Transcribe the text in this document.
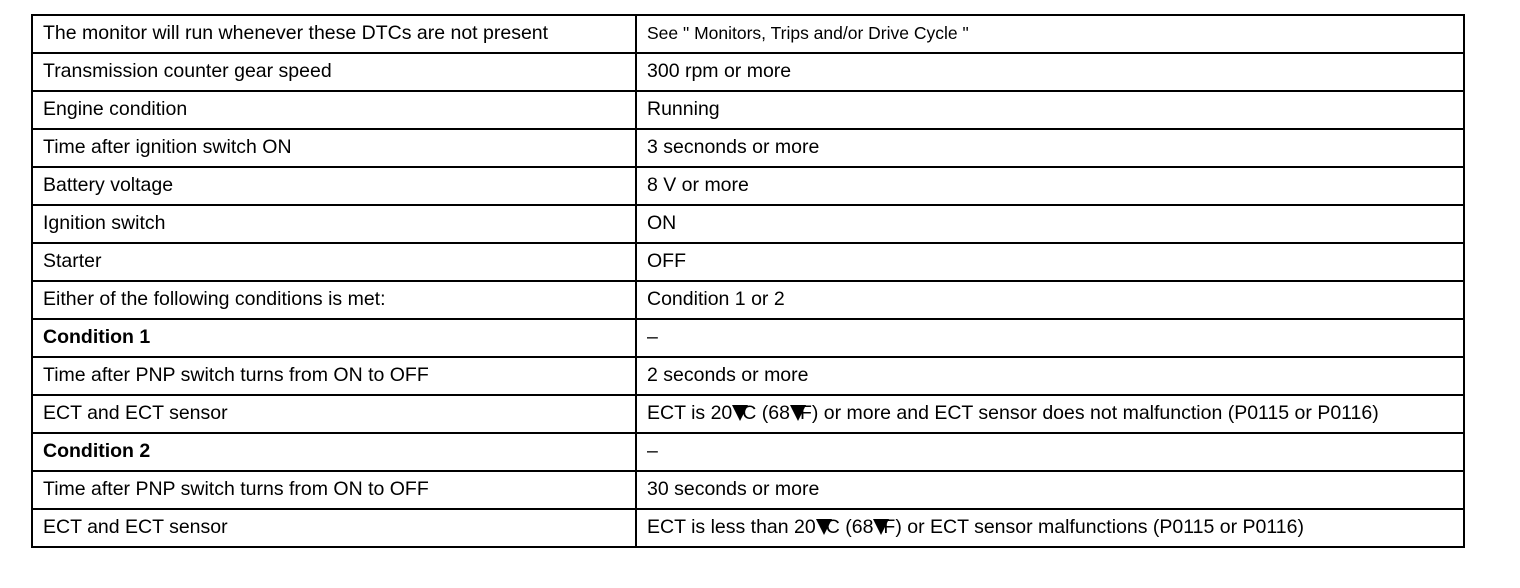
The monitor will run whenever these DTCs are not present	See " Monitors, Trips and/or Drive Cycle "
Transmission counter gear speed	300 rpm or more
Engine condition	Running
Time after ignition switch ON	3 secnonds or more
Battery voltage	8 V or more
Ignition switch	ON
Starter	OFF
Either of the following conditions is met:	Condition 1 or 2
Condition 1	–
Time after PNP switch turns from ON to OFF	2 seconds or more
ECT and ECT sensor	ECT is 20 C (68 F) or more and ECT sensor does not malfunction (P0115 or P0116)
Condition 2	–
Time after PNP switch turns from ON to OFF	30 seconds or more
ECT and ECT sensor	ECT is less than 20 C (68 F) or ECT sensor malfunctions (P0115 or P0116)
